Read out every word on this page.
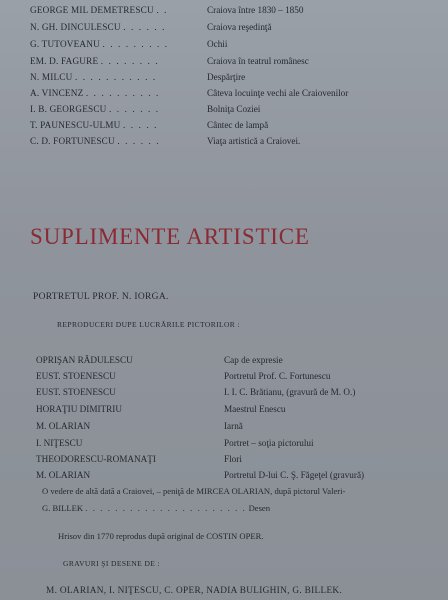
GEORGE MIL DEMETRESCU . .	Craiova între 1830 – 1850
N. GH. DINCULESCU . . . . . .	Craiova reşedinţă
G. TUTOVEANU . . . . . . . . .	Ochii
EM. D. FAGURE . . . . . . . .	Craiova în teatrul românesc
N. MILCU . . . . . . . . . . .	Despărţire
A. VINCENZ . . . . . . . . . .	Câteva locuinţe vechi ale Craiovenilor
I. B. GEORGESCU . . . . . . .	Bolniţa Coziei
T. PAUNESCU-ULMU . . . . .	Cântec de lampă
C. D. FORTUNESCU . . . . . .	Viaţa artistică a Craiovei.
SUPLIMENTE ARTISTICE
PORTRETUL PROF. N. IORGA.
REPRODUCERI DUPE LUCRĂRILE PICTORILOR :
OPRIŞAN RĂDULESCU	Cap de expresie
EUST. STOENESCU	Portretul Prof. C. Fortunescu
EUST. STOENESCU	I. I. C. Brătianu, (gravură de M. O.)
HORAŢIU DIMITRIU	Maestrul Enescu
M. OLARIAN	Iarnă
I. NIŢESCU	Portret – soţia pictorului
THEODORESCU-ROMANAŢI	Flori
M. OLARIAN	Portretul D-lui C. Ş. Făgeţel (gravură)
O vedere de altă dată a Craiovei, – peniţă de MIRCEA OLARIAN, după pictorul Valeri-
G. BILLEK . . . . . . . . . . . . . . . . . . . . . . Desen
Hrisov din 1770 reprodus după original de COSTIN OPER.
GRAVURI ŞI DESENE DE :
M. OLARIAN, I. NIŢESCU, C. OPER, NADIA BULIGHIN, G. BILLEK.
